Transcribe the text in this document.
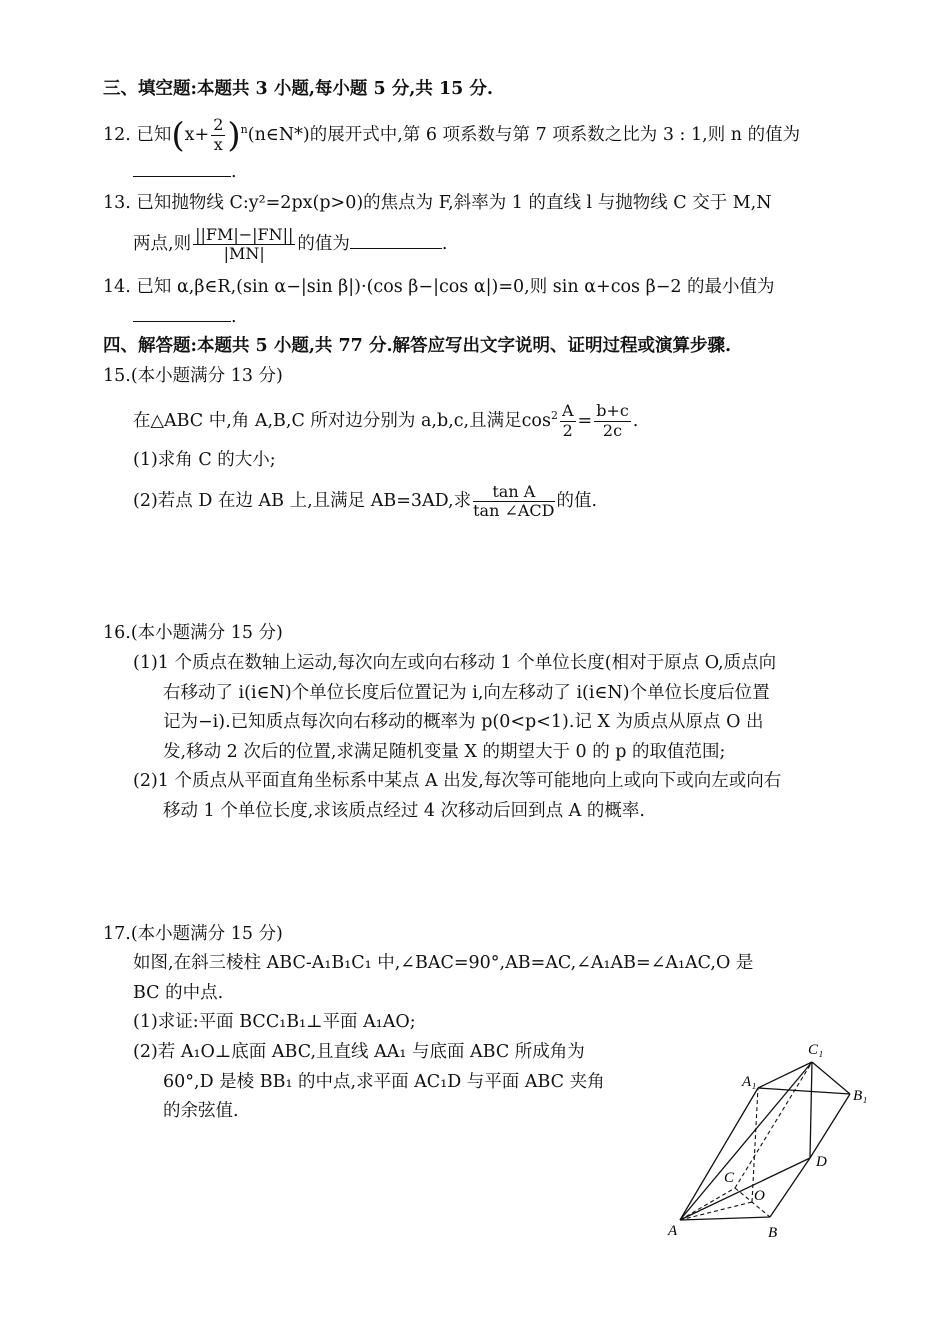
三、填空题:本题共 3 小题,每小题 5 分,共 15 分.
12. 已知($x+ \frac{2}{x}$ )$^n(n\in N*)$的展开式中,第 6 项系数与第 7 项系数之比为 3 : 1,则 n 的值为
.
13. 已知抛物线 C:y²=2px(p>0)的焦点为 F,斜率为 1 的直线 l 与抛物线 C 交于 M,N
两点,则 $\frac{||FM|-|FN||}{|MN|}$ 的值为	.
14. 已知 α,β∈R,(sin α−|sin β|)·(cos β−|cos α|)=0,则 sin α+cos β−2 的最小值为
.
四、解答题:本题共 5 小题,共 77 分.解答应写出文字说明、证明过程或演算步骤.
15.(本小题满分 13 分)
在△ABC 中,角 A,B,C 所对边分别为 a,b,c,且满足$\cos^2 \frac{A}{2} = \frac{b+c}{2c}$ .
(1)求角 C 的大小;
(2)若点 D 在边 AB 上,且满足 AB=3AD,求 $\frac{\text{tan A}}{\text{tan ∠ACD}}$ 的值.
16.(本小题满分 15 分)
(1)1 个质点在数轴上运动,每次向左或向右移动 1 个单位长度(相对于原点 O,质点向
右移动了 i(i∈N)个单位长度后位置记为 i,向左移动了 i(i∈N)个单位长度后位置
记为−i).已知质点每次向右移动的概率为 p(0<p<1).记 X 为质点从原点 O 出
发,移动 2 次后的位置,求满足随机变量 X 的期望大于 0 的 p 的取值范围;
(2)1 个质点从平面直角坐标系中某点 A 出发,每次等可能地向上或向下或向左或向右
移动 1 个单位长度,求该质点经过 4 次移动后回到点 A 的概率.
17.(本小题满分 15 分)
如图,在斜三棱柱 ABC-A₁B₁C₁ 中,∠BAC=90°,AB=AC,∠A₁AB=∠A₁AC,O 是
BC 的中点.
(1)求证:平面 BCC₁B₁⊥平面 A₁AO;
(2)若 A₁O⊥底面 ABC,且直线 AA₁ 与底面 ABC 所成角为
60°,D 是棱 BB₁ 的中点,求平面 AC₁D 与平面 ABC 夹角
的余弦值.
A	B
C
O
D
A₁
B₁
C₁
